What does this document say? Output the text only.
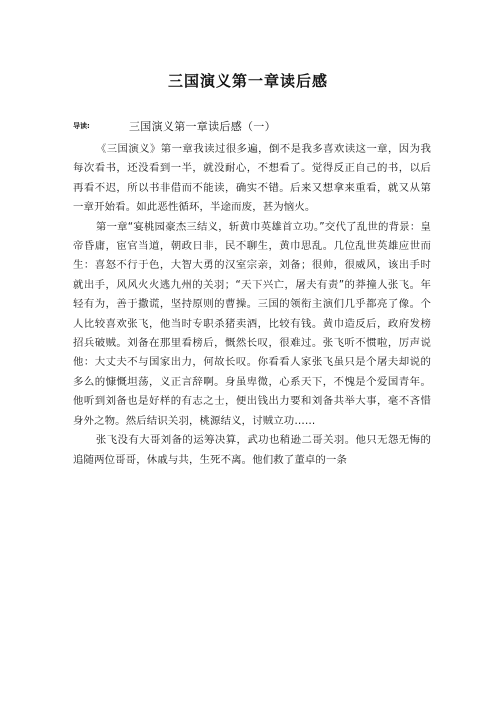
三国演义第一章读后感
导读:	三国演义第一章读后感（一）

《三国演义》第一章我读过很多遍，倒不是我多喜欢读这一章，因为我每次看书，还没看到一半，就没耐心，不想看了。觉得反正自己的书，以后再看不迟，所以书非借而不能读，确实不错。后来又想拿来重看，就又从第一章开始看。如此恶性循环，半途而废，甚为恼火。

第一章“宴桃园豪杰三结义，斩黄巾英雄首立功。”交代了乱世的背景：皇帝昏庸，宦官当道，朝政日非，民不聊生，黄巾思乱。几位乱世英雄应世而生：喜怒不行于色，大智大勇的汉室宗亲，刘备；很帅，很威风，该出手时就出手，风风火火逃九州的关羽；“天下兴亡，屠夫有责”的莽撞人张飞。年轻有为，善于撒谎，坚持原则的曹操。三国的领衔主演们几乎都亮了像。个人比较喜欢张飞，他当时专职杀猪卖酒，比较有钱。黄巾造反后，政府发榜招兵破贼。刘备在那里看榜后，慨然长叹，很难过。张飞听不惯啦，厉声说他：大丈夫不与国家出力，何故长叹。你看看人家张飞虽只是个屠夫却说的多么的慷慨坦荡，义正言辞啊。身虽卑微，心系天下，不愧是个爱国青年。他听到刘备也是好样的有志之士，便出钱出力要和刘备共举大事，毫不吝惜身外之物。然后结识关羽，桃源结义，讨贼立功……

张飞没有大哥刘备的运筹决算，武功也稍逊二哥关羽。他只无怨无悔的追随两位哥哥，休戚与共，生死不离。他们救了董卓的一条
